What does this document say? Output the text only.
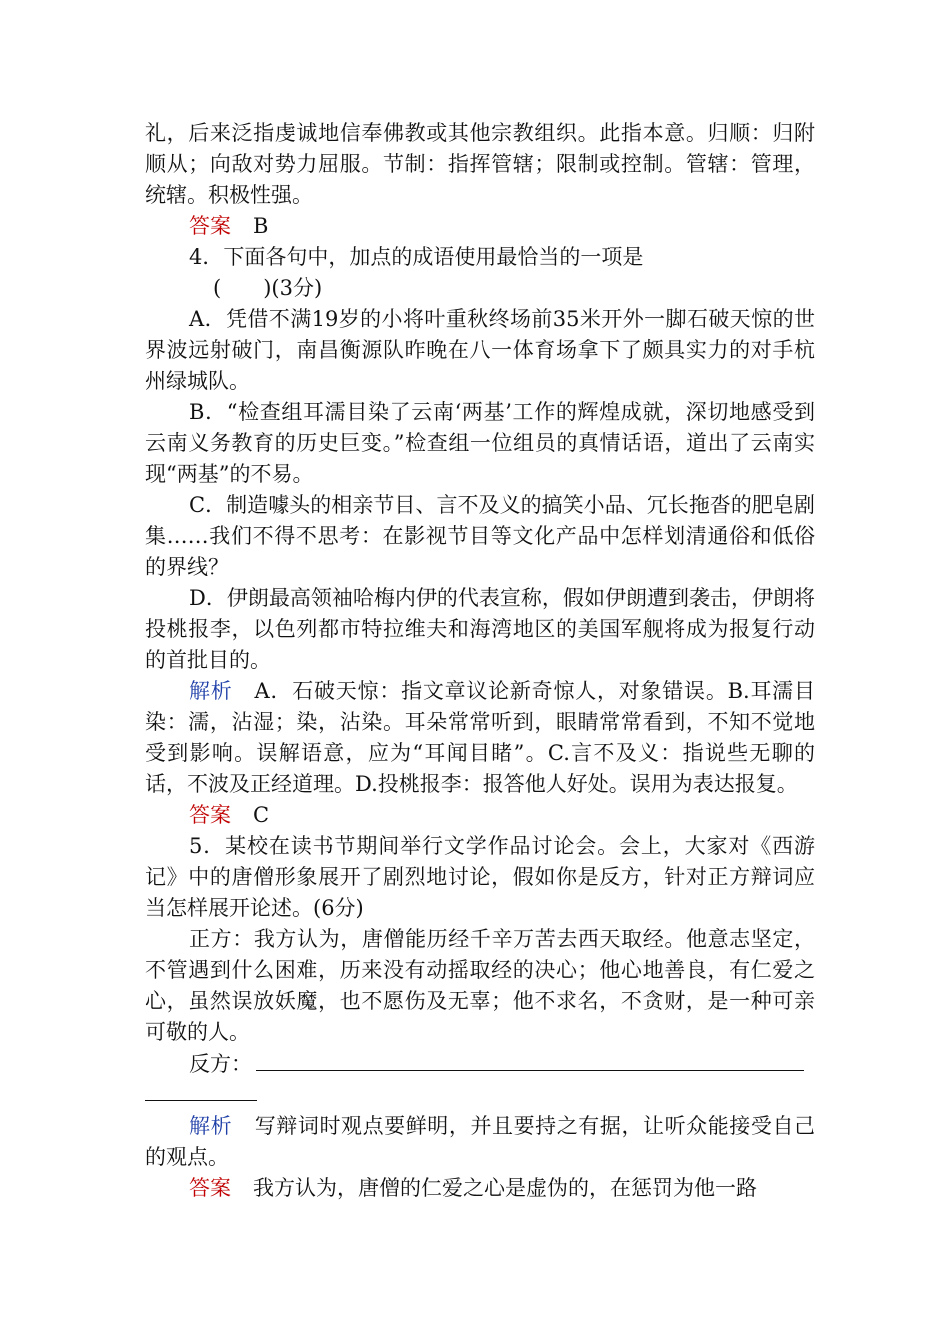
礼，后来泛指虔诚地信奉佛教或其他宗教组织。此指本意。归顺：归附顺从；向敌对势力屈服。节制：指挥管辖；限制或控制。管辖：管理，统辖。积极性强。

答案 B

4．下面各句中，加点的成语使用最恰当的一项是

(　　)(3分)

A．凭借不满19岁的小将叶重秋终场前35米开外一脚石破天惊的世界波远射破门，南昌衡源队昨晚在八一体育场拿下了颇具实力的对手杭州绿城队。

B．“检查组耳濡目染了云南‘两基’工作的辉煌成就，深切地感受到云南义务教育的历史巨变。”检查组一位组员的真情话语，道出了云南实现“两基”的不易。

C．制造噱头的相亲节目、言不及义的搞笑小品、冗长拖沓的肥皂剧集……我们不得不思考：在影视节目等文化产品中怎样划清通俗和低俗的界线？

D．伊朗最高领袖哈梅内伊的代表宣称，假如伊朗遭到袭击，伊朗将投桃报李，以色列都市特拉维夫和海湾地区的美国军舰将成为报复行动的首批目的。

解析 A．石破天惊：指文章议论新奇惊人，对象错误。B.耳濡目染：濡，沾湿；染，沾染。耳朵常常听到，眼睛常常看到，不知不觉地受到影响。误解语意，应为“耳闻目睹”。C.言不及义：指说些无聊的话，不波及正经道理。D.投桃报李：报答他人好处。误用为表达报复。

答案 C

5．某校在读书节期间举行文学作品讨论会。会上，大家对《西游记》中的唐僧形象展开了剧烈地讨论，假如你是反方，针对正方辩词应当怎样展开论述。(6分)

正方：我方认为，唐僧能历经千辛万苦去西天取经。他意志坚定，不管遇到什么困难，历来没有动摇取经的决心；他心地善良，有仁爱之心，虽然误放妖魔，也不愿伤及无辜；他不求名，不贪财，是一种可亲可敬的人。

反方：

解析 写辩词时观点要鲜明，并且要持之有据，让听众能接受自己的观点。

答案 我方认为，唐僧的仁爱之心是虚伪的，在惩罚为他一路
